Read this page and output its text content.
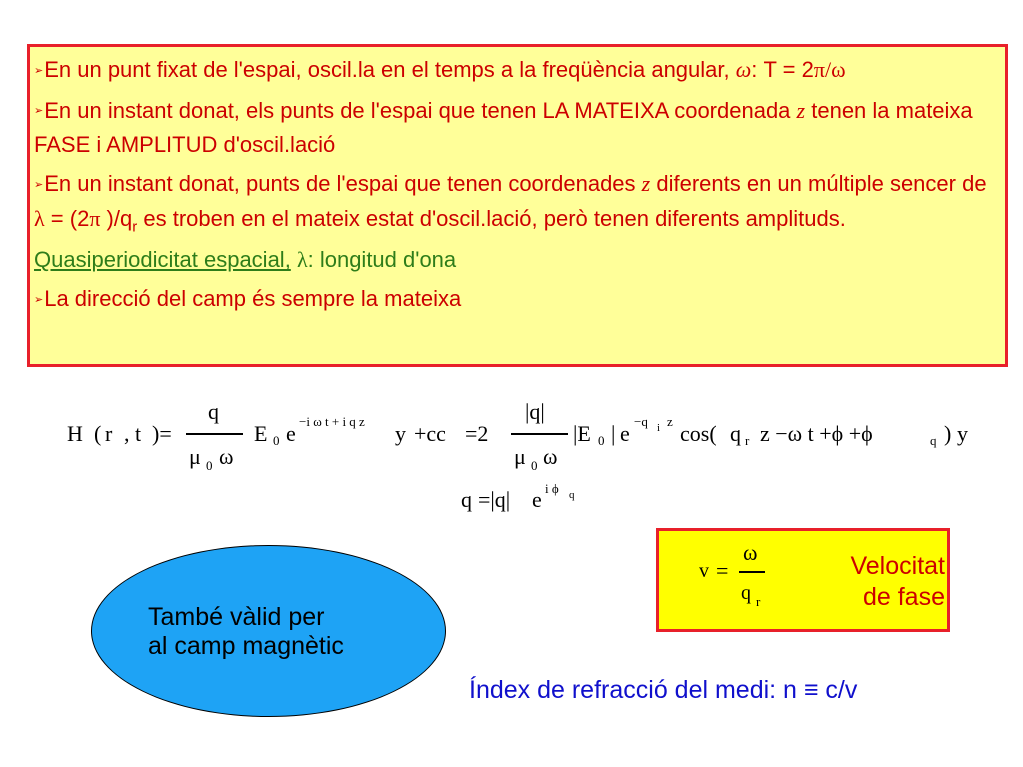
➢En un punt fixat de l'espai, oscil.la en el temps a la freqüència angular, ω: T = 2π/ω
➢En un instant donat, els punts de l'espai que tenen LA MATEIXA coordenada z tenen la mateixa FASE i AMPLITUD d'oscil.lació
➢En un instant donat, punts de l'espai que tenen coordenades z diferents en un múltiple sencer de λ = (2π )$/q_r$ es troben en el mateix estat d'oscil.lació, però tenen diferents amplituds. Quasiperiodicitat espacial, λ: longitud d'ona
➢La direcció del camp és sempre la mateixa
H ( r , t )=
q
μ 0 ω
E 0 e −i ω t + i q z y +cc =2
|q|
μ 0 ω
|E 0 | e −q i z cos( q r z −ω t +ϕ +ϕ	q ) y
q =|q| e i ϕ q
v =
ω
q r
Velocitat
de fase
També vàlid per
al camp magnètic
Índex de refracció del medi: n ≡ c/v
